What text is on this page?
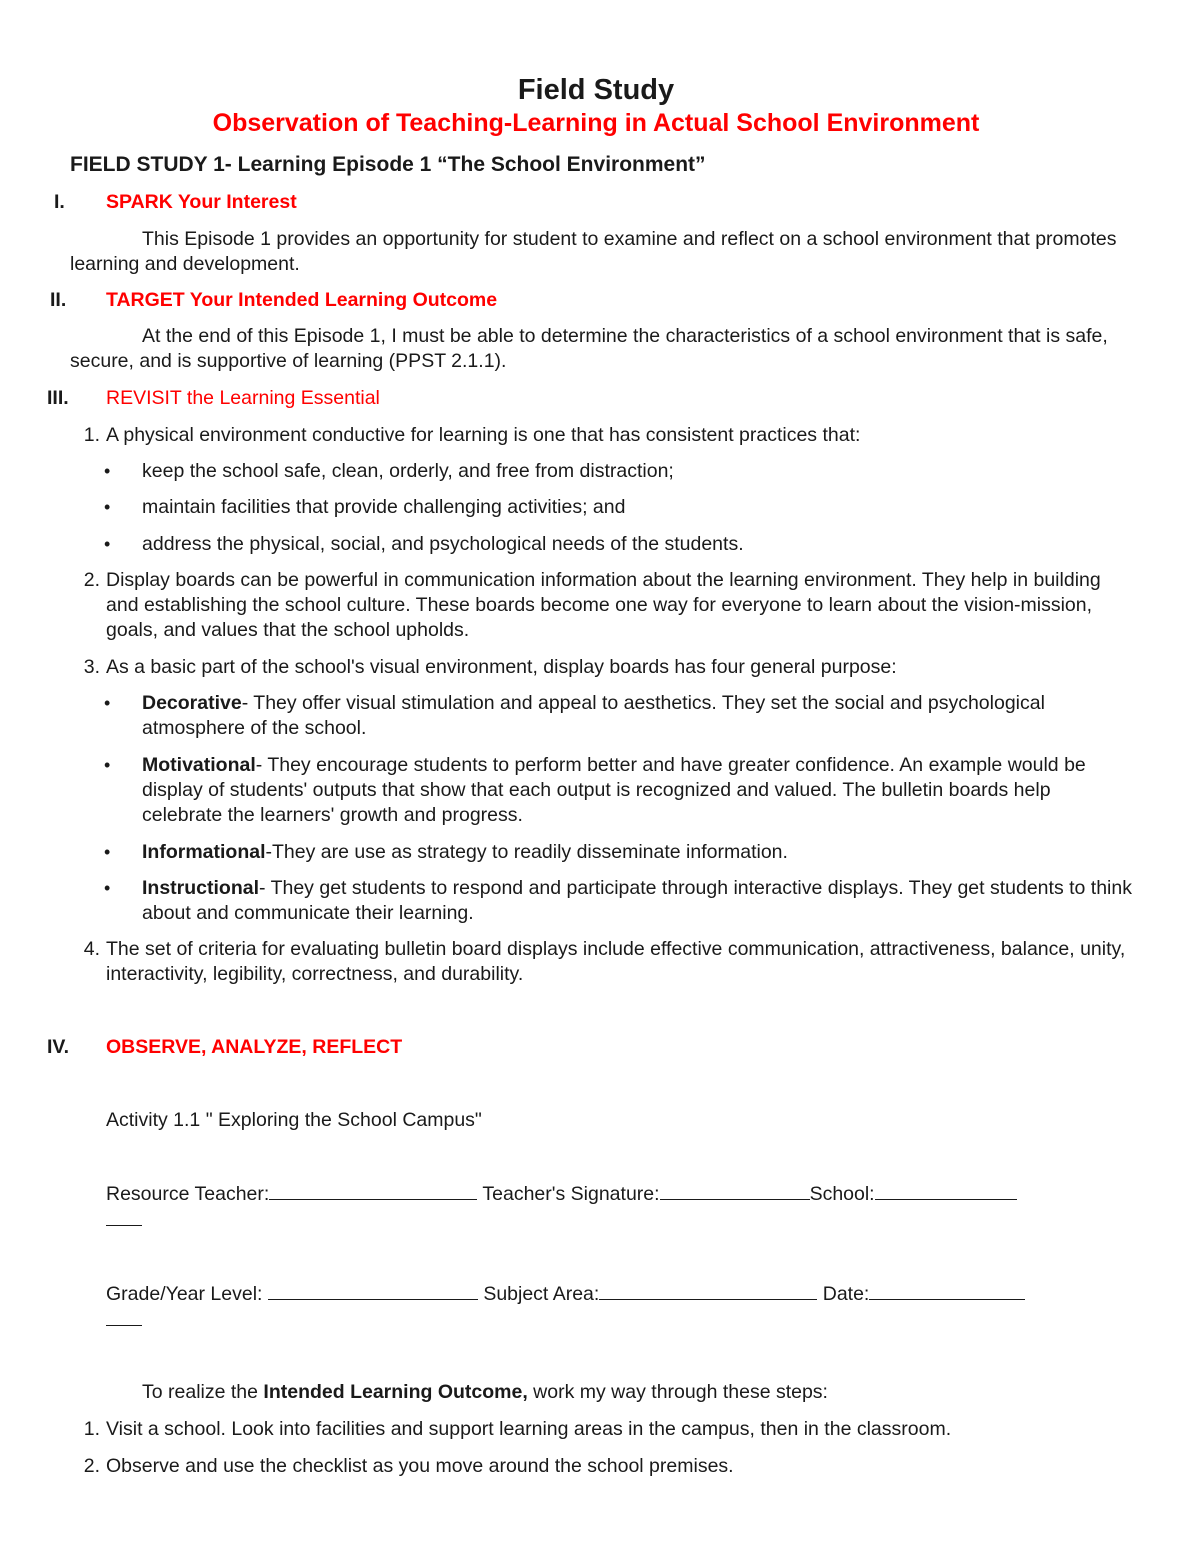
Field Study
Observation of Teaching-Learning in Actual School Environment
FIELD STUDY 1- Learning Episode 1 “The School Environment”
I. SPARK Your Interest
This Episode 1 provides an opportunity for student to examine and reflect on a school environment that promotes learning and development.
II. TARGET Your Intended Learning Outcome
At the end of this Episode 1, I must be able to determine the characteristics of a school environment that is safe, secure, and is supportive of learning (PPST 2.1.1).
III. REVISIT the Learning Essential
1. A physical environment conductive for learning is one that has consistent practices that:
• keep the school safe, clean, orderly, and free from distraction;
• maintain facilities that provide challenging activities; and
• address the physical, social, and psychological needs of the students.
2. Display boards can be powerful in communication information about the learning environment. They help in building and establishing the school culture. These boards become one way for everyone to learn about the vision-mission, goals, and values that the school upholds.
3. As a basic part of the school's visual environment, display boards has four general purpose:
• Decorative- They offer visual stimulation and appeal to aesthetics. They set the social and psychological atmosphere of the school.
• Motivational- They encourage students to perform better and have greater confidence. An example would be display of students' outputs that show that each output is recognized and valued. The bulletin boards help celebrate the learners' growth and progress.
• Informational-They are use as strategy to readily disseminate information.
• Instructional- They get students to respond and participate through interactive displays. They get students to think about and communicate their learning.
4. The set of criteria for evaluating bulletin board displays include effective communication, attractiveness, balance, unity, interactivity, legibility, correctness, and durability.
IV. OBSERVE, ANALYZE, REFLECT
Activity 1.1 " Exploring the School Campus"
Resource Teacher:	Teacher's Signature:	School:
Grade/Year Level:	Subject Area:	Date:
To realize the Intended Learning Outcome, work my way through these steps:
1. Visit a school. Look into facilities and support learning areas in the campus, then in the classroom.
2. Observe and use the checklist as you move around the school premises.
